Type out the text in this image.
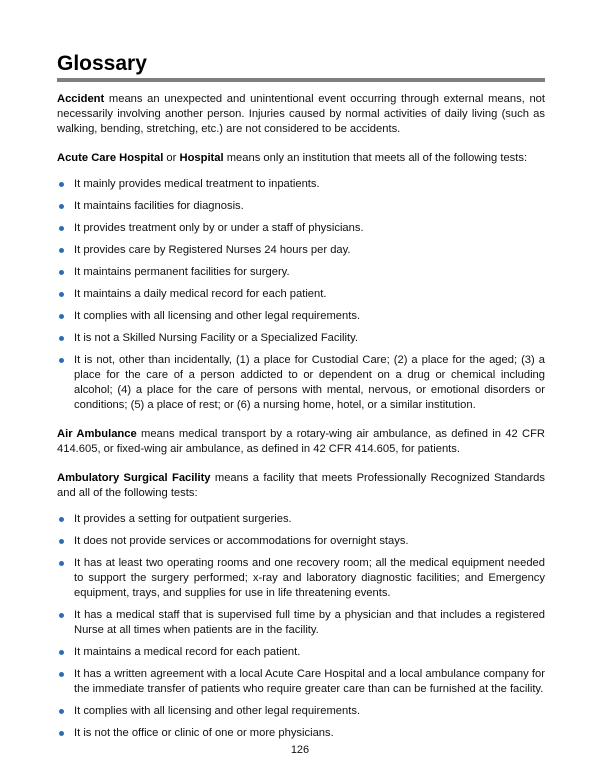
Glossary

Accident means an unexpected and unintentional event occurring through external means, not necessarily involving another person. Injuries caused by normal activities of daily living (such as walking, bending, stretching, etc.) are not considered to be accidents.

Acute Care Hospital or Hospital means only an institution that meets all of the following tests:

It mainly provides medical treatment to inpatients.
It maintains facilities for diagnosis.
It provides treatment only by or under a staff of physicians.
It provides care by Registered Nurses 24 hours per day.
It maintains permanent facilities for surgery.
It maintains a daily medical record for each patient.
It complies with all licensing and other legal requirements.
It is not a Skilled Nursing Facility or a Specialized Facility.
It is not, other than incidentally, (1) a place for Custodial Care; (2) a place for the aged; (3) a place for the care of a person addicted to or dependent on a drug or chemical including alcohol; (4) a place for the care of persons with mental, nervous, or emotional disorders or conditions; (5) a place of rest; or (6) a nursing home, hotel, or a similar institution.

Air Ambulance means medical transport by a rotary-wing air ambulance, as defined in 42 CFR 414.605, or fixed-wing air ambulance, as defined in 42 CFR 414.605, for patients.

Ambulatory Surgical Facility means a facility that meets Professionally Recognized Standards and all of the following tests:

It provides a setting for outpatient surgeries.
It does not provide services or accommodations for overnight stays.
It has at least two operating rooms and one recovery room; all the medical equipment needed to support the surgery performed; x-ray and laboratory diagnostic facilities; and Emergency equipment, trays, and supplies for use in life threatening events.
It has a medical staff that is supervised full time by a physician and that includes a registered Nurse at all times when patients are in the facility.
It maintains a medical record for each patient.
It has a written agreement with a local Acute Care Hospital and a local ambulance company for the immediate transfer of patients who require greater care than can be furnished at the facility.
It complies with all licensing and other legal requirements.
It is not the office or clinic of one or more physicians.
126
